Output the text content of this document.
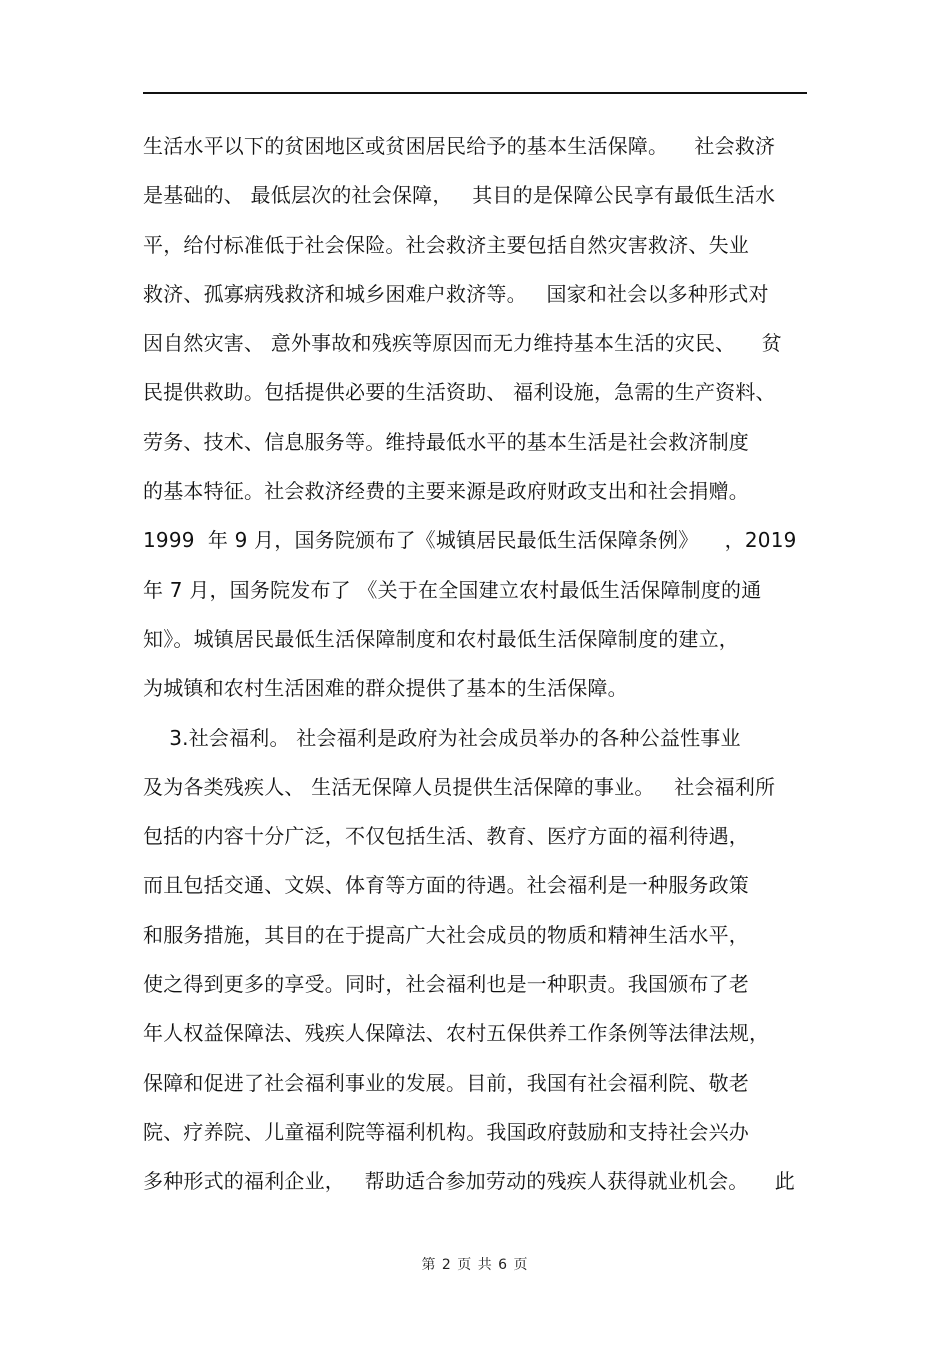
生活水平以下的贫困地区或贫困居民给予的基本生活保障。    社会救济
是基础的、 最低层次的社会保障，   其目的是保障公民享有最低生活水
平，给付标准低于社会保险。社会救济主要包括自然灾害救济、失业
救济、孤寡病残救济和城乡困难户救济等。   国家和社会以多种形式对
因自然灾害、 意外事故和残疾等原因而无力维持基本生活的灾民、    贫
民提供救助。包括提供必要的生活资助、 福利设施，急需的生产资料、
劳务、技术、信息服务等。维持最低水平的基本生活是社会救济制度
的基本特征。社会救济经费的主要来源是政府财政支出和社会捐赠。
1999  年 9 月，国务院颁布了《城镇居民最低生活保障条例》    ，2019
年 7 月，国务院发布了 《关于在全国建立农村最低生活保障制度的通
知》。城镇居民最低生活保障制度和农村最低生活保障制度的建立，
为城镇和农村生活困难的群众提供了基本的生活保障。
3.社会福利。 社会福利是政府为社会成员举办的各种公益性事业
及为各类残疾人、 生活无保障人员提供生活保障的事业。   社会福利所
包括的内容十分广泛，不仅包括生活、教育、医疗方面的福利待遇，
而且包括交通、文娱、体育等方面的待遇。社会福利是一种服务政策
和服务措施，其目的在于提高广大社会成员的物质和精神生活水平，
使之得到更多的享受。同时，社会福利也是一种职责。我国颁布了老
年人权益保障法、残疾人保障法、农村五保供养工作条例等法律法规，
保障和促进了社会福利事业的发展。目前，我国有社会福利院、敬老
院、疗养院、儿童福利院等福利机构。我国政府鼓励和支持社会兴办
多种形式的福利企业，   帮助适合参加劳动的残疾人获得就业机会。    此
第 2 页 共 6 页
